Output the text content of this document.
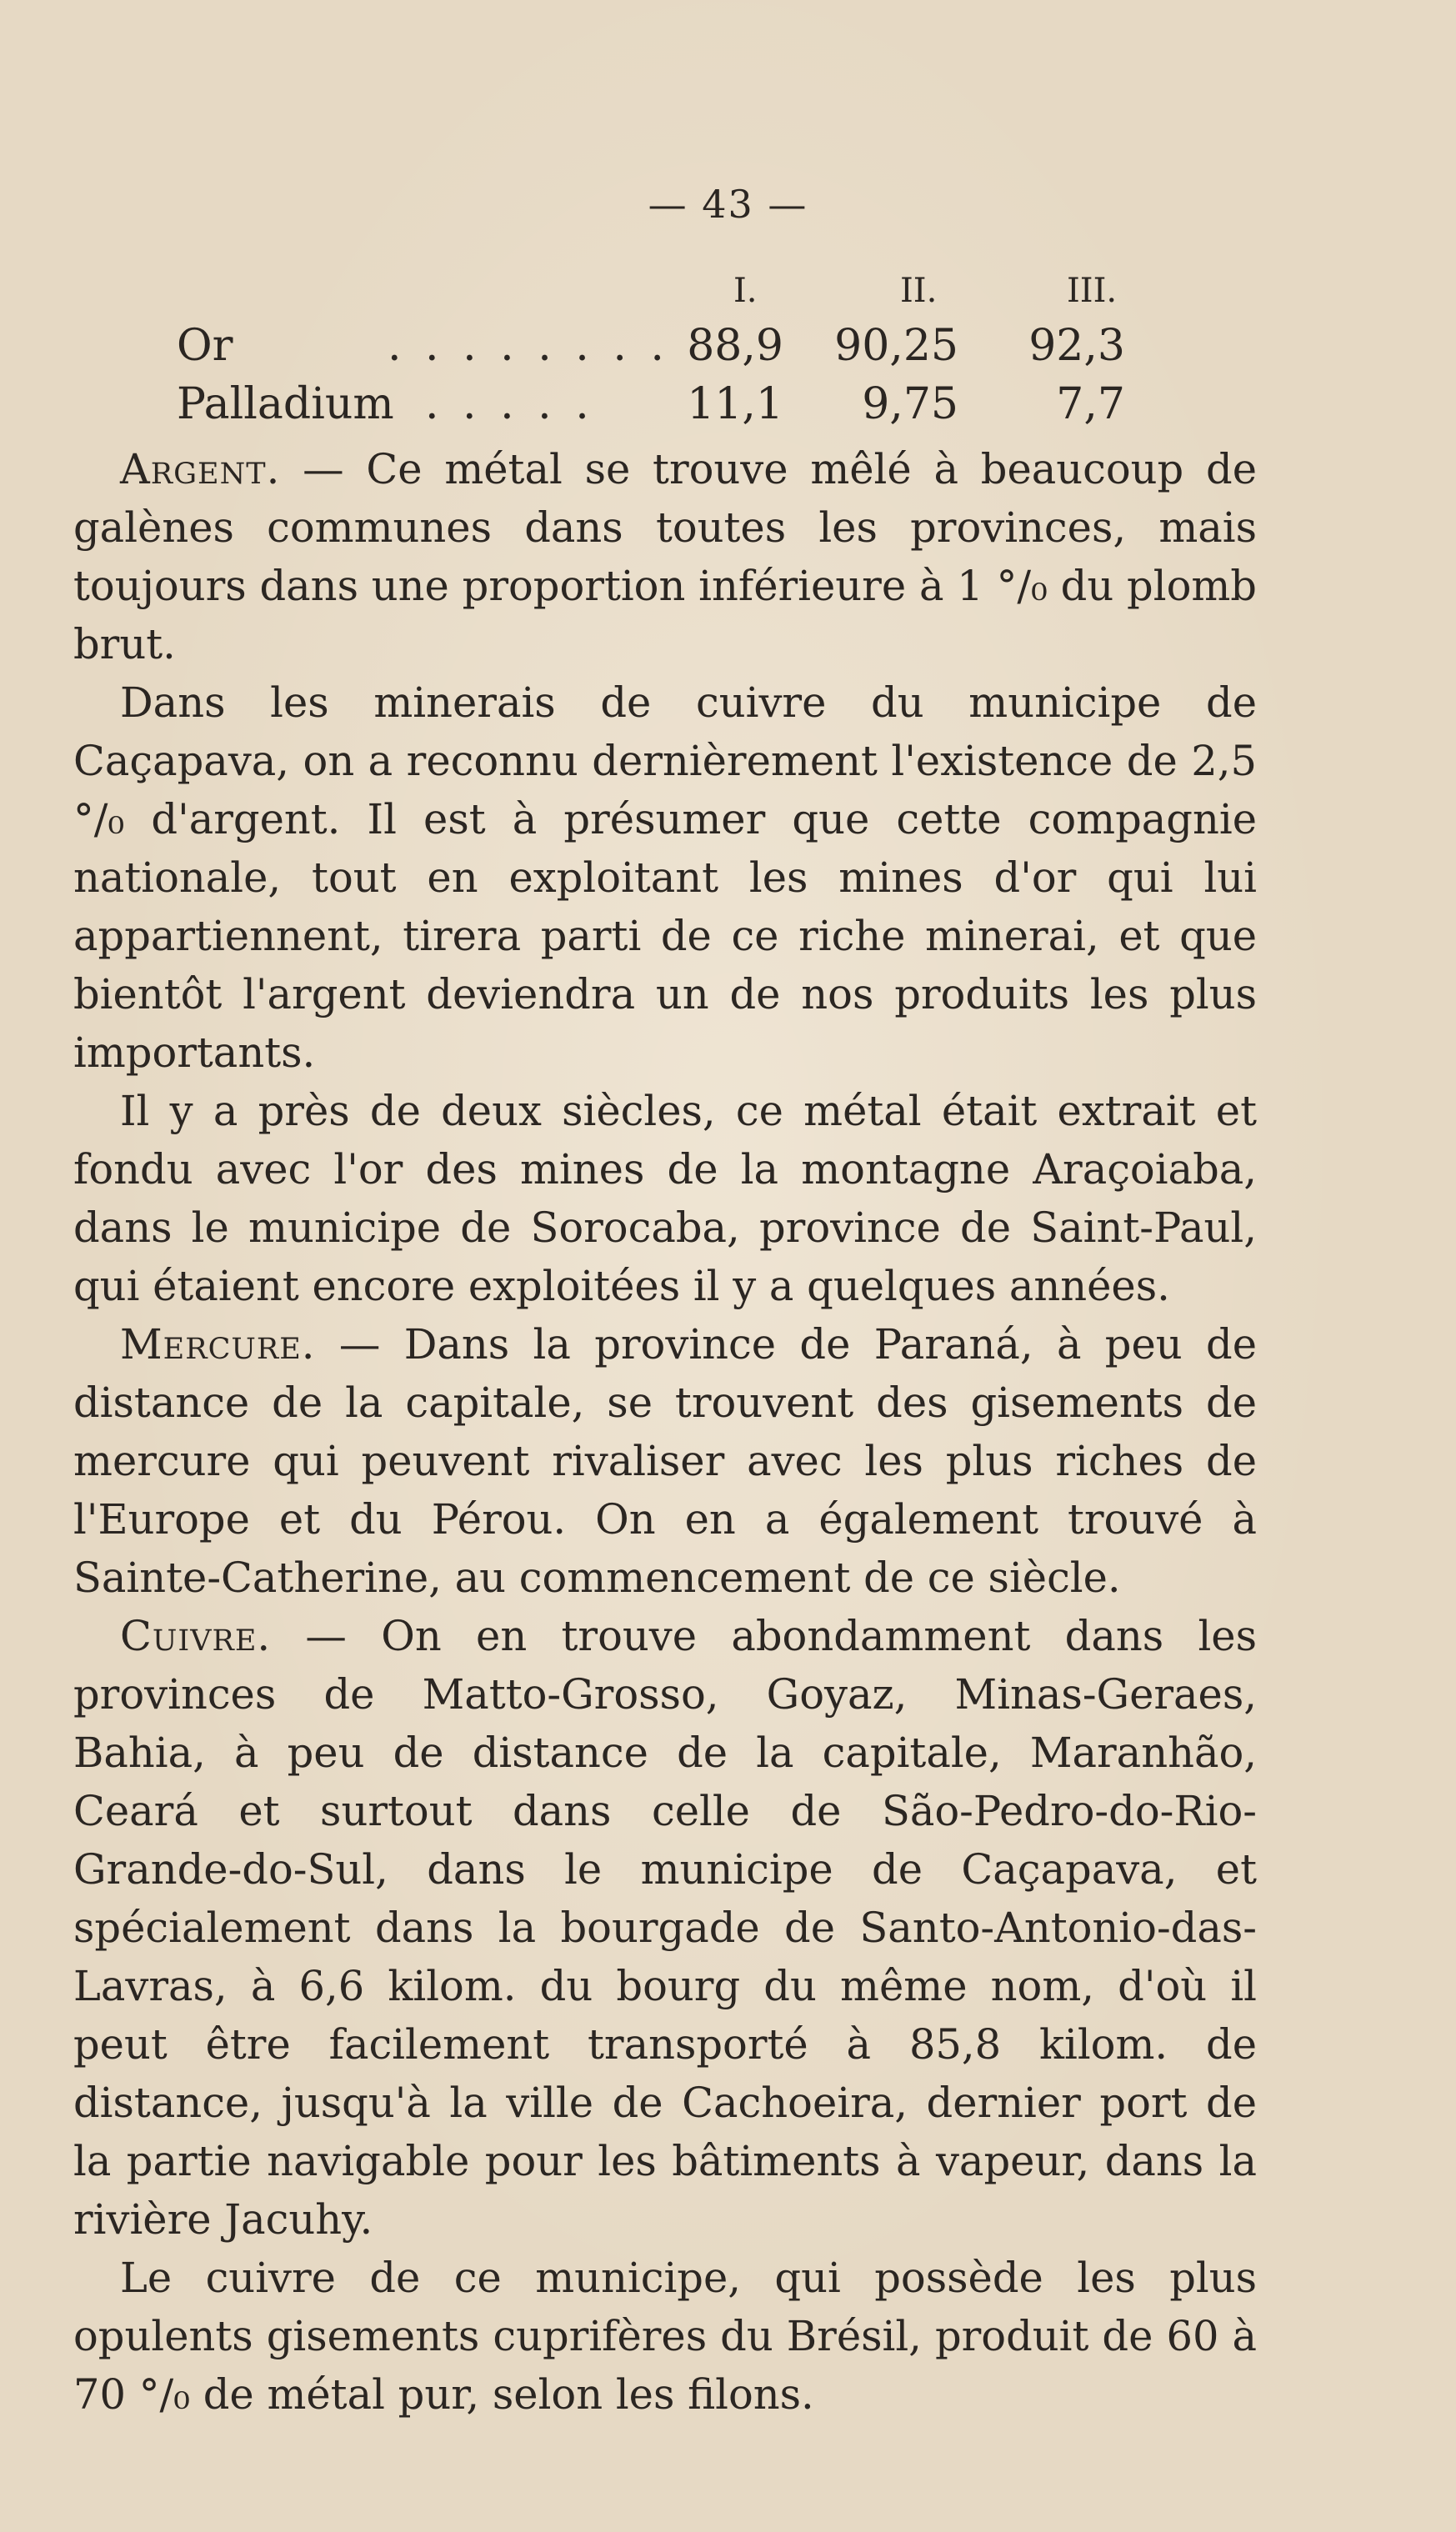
— 43 —
I.	II.	III.
Or	. . . . . . . . 88,9 90,25	92,3
Palladium . . . . . 11,1	9,75	7,7

Argent. — Ce métal se trouve mêlé à beaucoup de galènes communes dans toutes les provinces, mais toujours dans une proportion inférieure à 1 °/₀ du plomb brut.

Dans les minerais de cuivre du municipe de Caçapava, on a reconnu dernièrement l'existence de 2,5 °/₀ d'argent. Il est à présumer que cette compagnie nationale, tout en exploitant les mines d'or qui lui appartiennent, tirera parti de ce riche minerai, et que bientôt l'argent deviendra un de nos produits les plus importants.

Il y a près de deux siècles, ce métal était extrait et fondu avec l'or des mines de la montagne Araçoiaba, dans le municipe de Sorocaba, province de Saint-Paul, qui étaient encore exploitées il y a quelques années.

Mercure. — Dans la province de Paraná, à peu de distance de la capitale, se trouvent des gisements de mercure qui peuvent rivaliser avec les plus riches de l'Europe et du Pérou. On en a également trouvé à Sainte-Catherine, au commencement de ce siècle.

Cuivre. — On en trouve abondamment dans les provinces de Matto-Grosso, Goyaz, Minas-Geraes, Bahia, à peu de distance de la capitale, Maranhão, Ceará et surtout dans celle de São-Pedro-do-Rio-Grande-do-Sul, dans le municipe de Caçapava, et spécialement dans la bourgade de Santo-Antonio-das-Lavras, à 6,6 kilom. du bourg du même nom, d'où il peut être facilement transporté à 85,8 kilom. de distance, jusqu'à la ville de Cachoeira, dernier port de la partie navigable pour les bâtiments à vapeur, dans la rivière Jacuhy.

Le cuivre de ce municipe, qui possède les plus opulents gisements cuprifères du Brésil, produit de 60 à 70 °/₀ de métal pur, selon les filons.
